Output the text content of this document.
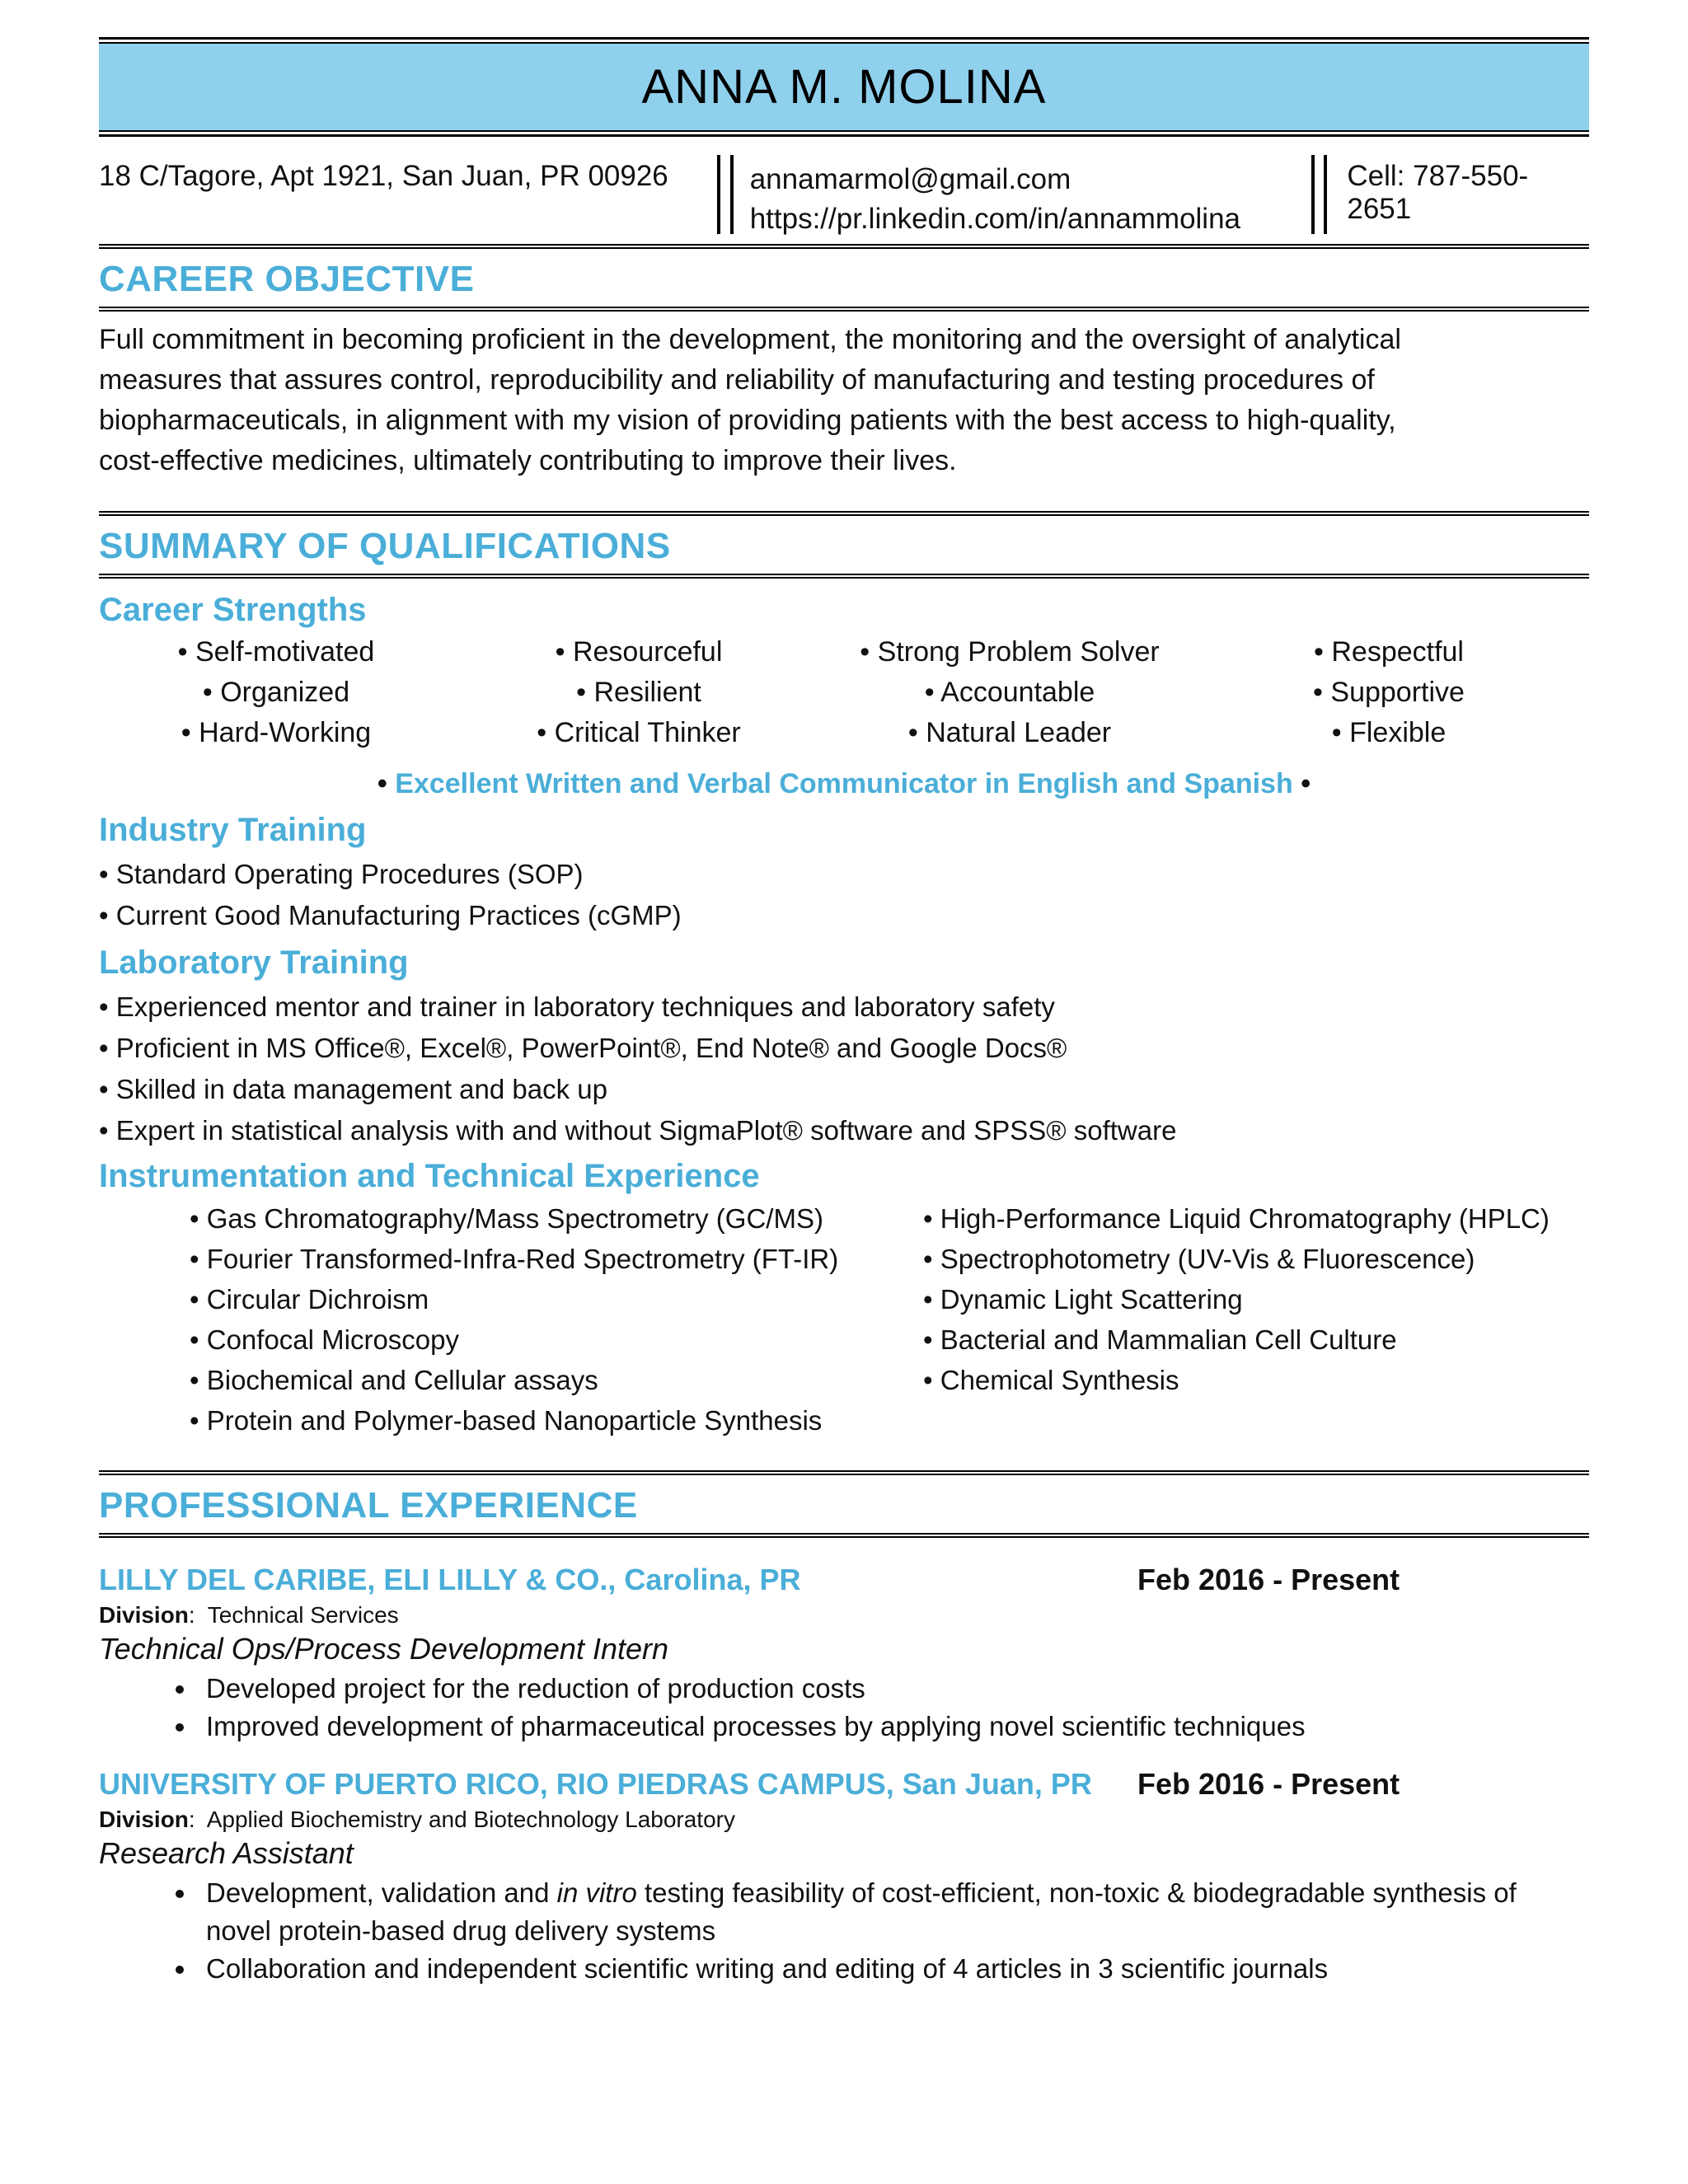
ANNA M. MOLINA
18 C/Tagore, Apt 1921, San Juan, PR 00926	annamarmol@gmail.com
https://pr.linkedin.com/in/annammolina
Cell: 787-550-2651
CAREER OBJECTIVE
Full commitment in becoming proficient in the development, the monitoring and the oversight of analytical
measures that assures control, reproducibility and reliability of manufacturing and testing procedures of
biopharmaceuticals, in alignment with my vision of providing patients with the best access to high-quality,
cost-effective medicines, ultimately contributing to improve their lives.
SUMMARY OF QUALIFICATIONS
Career Strengths
• Self-motivated
• Organized
• Hard-Working
• Resourceful
• Resilient
• Critical Thinker
• Strong Problem Solver
• Accountable
• Natural Leader
• Respectful
• Supportive
• Flexible
• Excellent Written and Verbal Communicator in English and Spanish •
Industry Training
• Standard Operating Procedures (SOP)
• Current Good Manufacturing Practices (cGMP)
Laboratory Training
• Experienced mentor and trainer in laboratory techniques and laboratory safety
• Proficient in MS Office®, Excel®, PowerPoint®, End Note® and Google Docs®
• Skilled in data management and back up
• Expert in statistical analysis with and without SigmaPlot® software and SPSS® software
Instrumentation and Technical Experience
• Gas Chromatography/Mass Spectrometry (GC/MS)
• Fourier Transformed-Infra-Red Spectrometry (FT-IR)
• Circular Dichroism
• Confocal Microscopy
• Biochemical and Cellular assays
• Protein and Polymer-based Nanoparticle Synthesis
• High-Performance Liquid Chromatography (HPLC)
• Spectrophotometry (UV-Vis & Fluorescence)
• Dynamic Light Scattering
• Bacterial and Mammalian Cell Culture
• Chemical Synthesis
PROFESSIONAL EXPERIENCE
LILLY DEL CARIBE, ELI LILLY & CO., Carolina, PR	Feb 2016 - Present
Division:  Technical Services
Technical Ops/Process Development Intern
• Developed project for the reduction of production costs
• Improved development of pharmaceutical processes by applying novel scientific techniques
UNIVERSITY OF PUERTO RICO, RIO PIEDRAS CAMPUS, San Juan, PR	Feb 2016 - Present
Division:  Applied Biochemistry and Biotechnology Laboratory
Research Assistant
• Development, validation and in vitro testing feasibility of cost-efficient, non-toxic & biodegradable synthesis of novel protein-based drug delivery systems
• Collaboration and independent scientific writing and editing of 4 articles in 3 scientific journals
